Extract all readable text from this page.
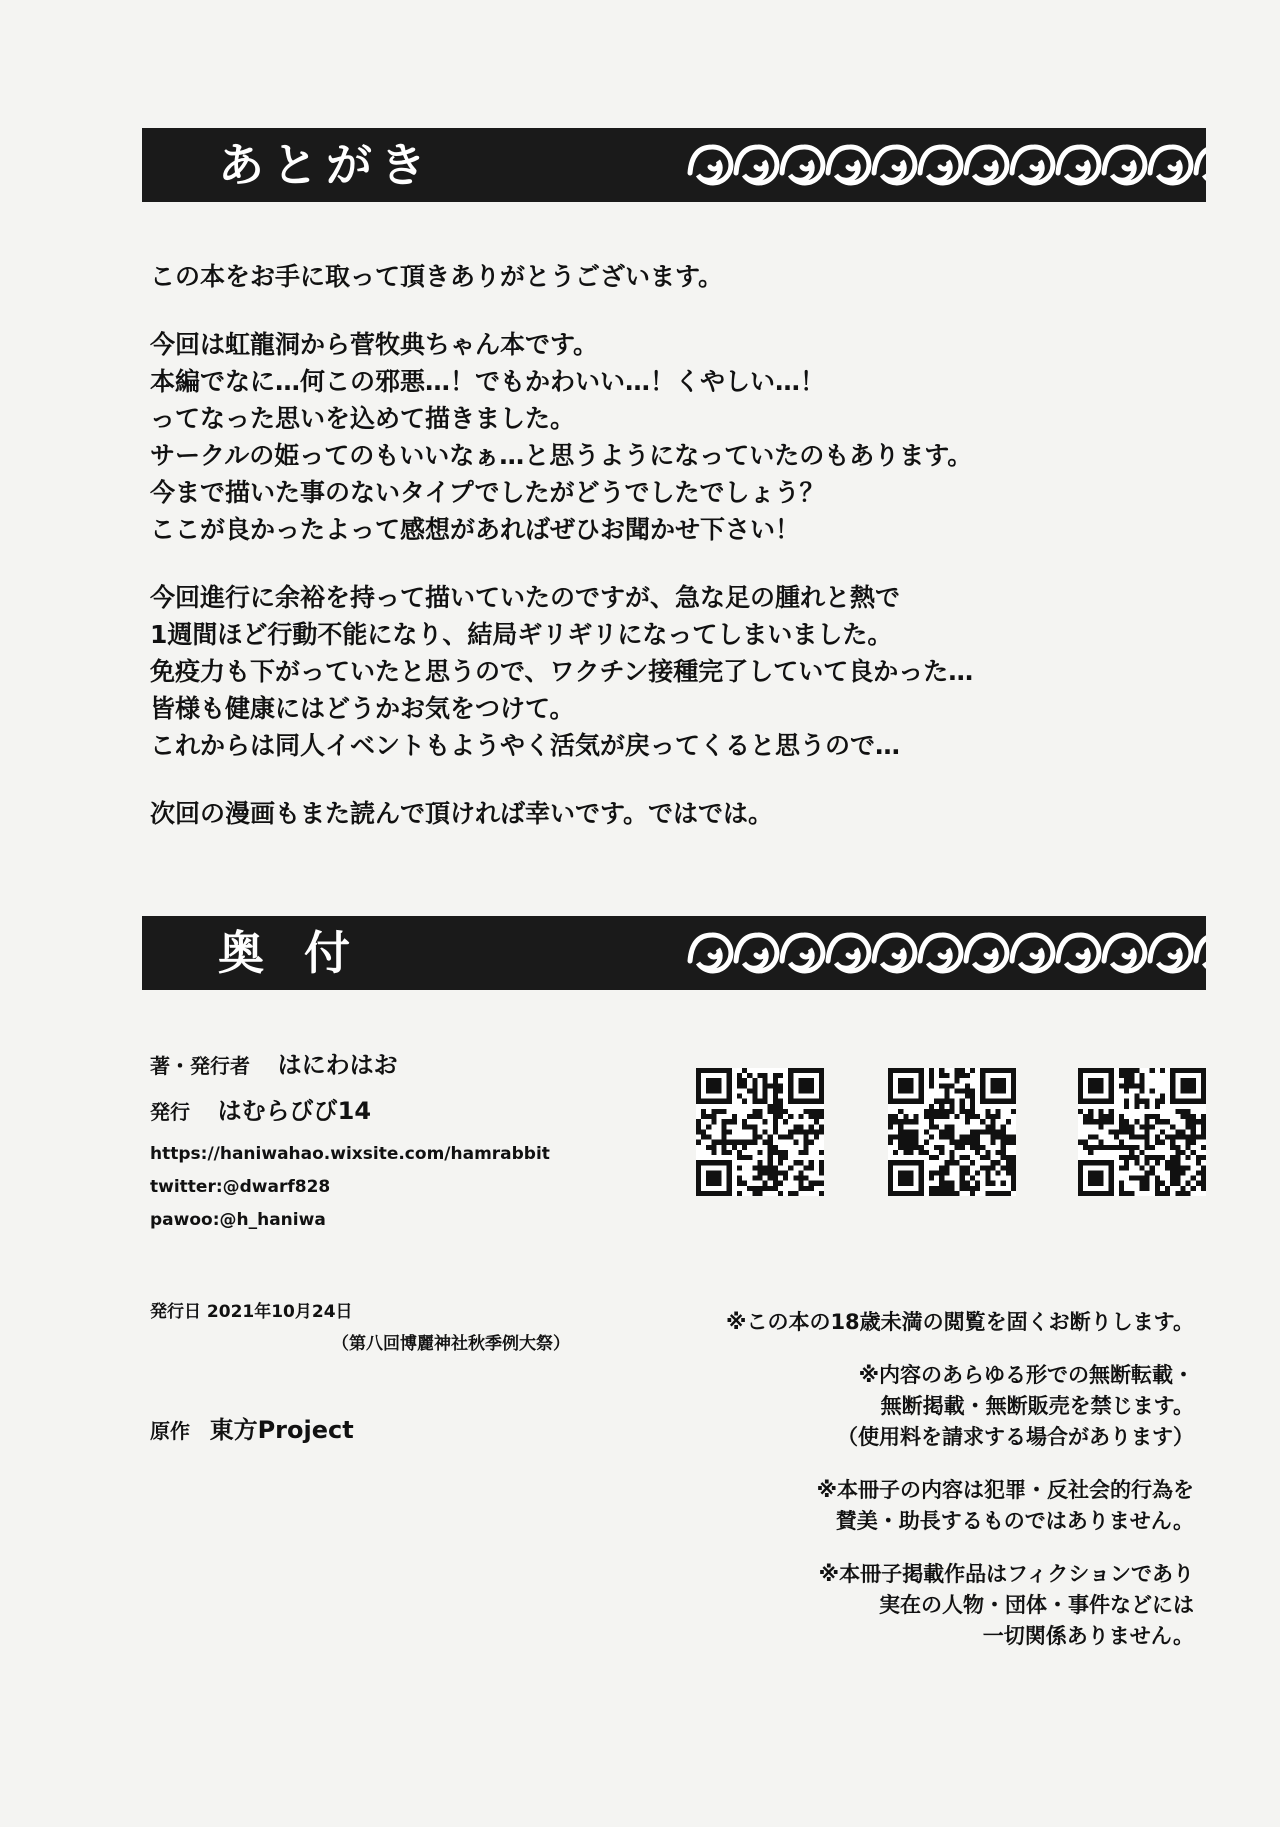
あとがき

この本をお手に取って頂きありがとうございます。

今回は虹龍洞から菅牧典ちゃん本です。
本編でなに…何この邪悪…！でもかわいい…！くやしい…！
ってなった思いを込めて描きました。
サークルの姫ってのもいいなぁ…と思うようになっていたのもあります。
今まで描いた事のないタイプでしたがどうでしたでしょう？
ここが良かったよって感想があればぜひお聞かせ下さい！

今回進行に余裕を持って描いていたのですが、急な足の腫れと熱で
1週間ほど行動不能になり、結局ギリギリになってしまいました。
免疫力も下がっていたと思うので、ワクチン接種完了していて良かった…
皆様も健康にはどうかお気をつけて。
これからは同人イベントもようやく活気が戻ってくると思うので…

次回の漫画もまた読んで頂ければ幸いです。ではでは。

奥付
著・発行者 はにわはお
発行 はむらびび14
https://haniwahao.wixsite.com/hamrabbit
twitter:@dwarf828
pawoo:@h_haniwa
発行日 2021年10月24日
（第八回博麗神社秋季例大祭）
原作 東方Project

※この本の18歳未満の閲覧を固くお断りします。

※内容のあらゆる形での無断転載・
無断掲載・無断販売を禁じます。
（使用料を請求する場合があります）

※本冊子の内容は犯罪・反社会的行為を
賛美・助長するものではありません。

※本冊子掲載作品はフィクションであり
実在の人物・団体・事件などには
一切関係ありません。
